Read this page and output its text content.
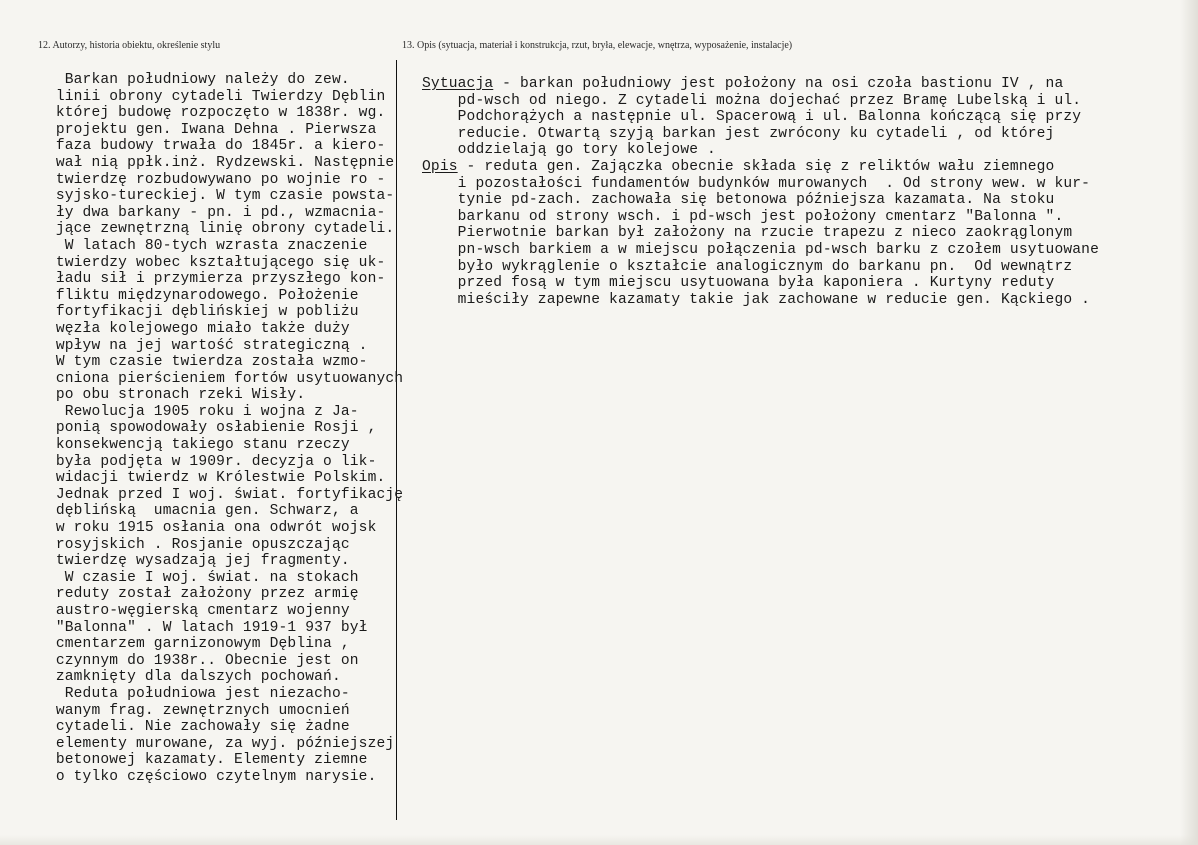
12. Autorzy, historia obiektu, określenie stylu	13. Opis (sytuacja, materiał i konstrukcja, rzut, bryła, elewacje, wnętrza, wyposażenie, instalacje)
Barkan południowy należy do zew.
linii obrony cytadeli Twierdzy Dęblin
której budowę rozpoczęto w 1838r. wg.
projektu gen. Iwana Dehna . Pierwsza
faza budowy trwała do 1845r. a kiero-
wał nią ppłk.inż. Rydzewski. Następnie
twierdzę rozbudowywano po wojnie ro -
syjsko-tureckiej. W tym czasie powsta-
ły dwa barkany - pn. i pd., wzmacnia-
jące zewnętrzną linię obrony cytadeli.
W latach 80-tych wzrasta znaczenie
twierdzy wobec kształtującego się uk-
ładu sił i przymierza przyszłego kon-
fliktu międzynarodowego. Położenie
fortyfikacji dęblińskiej w pobliżu
węzła kolejowego miało także duży
wpływ na jej wartość strategiczną .
W tym czasie twierdza została wzmo-
cniona pierścieniem fortów usytuowanych
po obu stronach rzeki Wisły.
Rewolucja 1905 roku i wojna z Ja-
ponią spowodowały osłabienie Rosji ,
konsekwencją takiego stanu rzeczy
była podjęta w 1909r. decyzja o lik-
widacji twierdz w Królestwie Polskim.
Jednak przed I woj. świat. fortyfikację
dęblińską  umacnia gen. Schwarz, a
w roku 1915 osłania ona odwrót wojsk
rosyjskich . Rosjanie opuszczając
twierdzę wysadzają jej fragmenty.
W czasie I woj. świat. na stokach
reduty został założony przez armię
austro-węgierską cmentarz wojenny
"Balonna" . W latach 1919-1 937 był
cmentarzem garnizonowym Dęblina ,
czynnym do 1938r.. Obecnie jest on
zamknięty dla dalszych pochowań.
Reduta południowa jest niezacho-
wanym frag. zewnętrznych umocnień
cytadeli. Nie zachowały się żadne
elementy murowane, za wyj. późniejszej
betonowej kazamaty. Elementy ziemne
o tylko częściowo czytelnym narysie.
Sytuacja - barkan południowy jest położony na osi czoła bastionu IV , na
pd-wsch od niego. Z cytadeli można dojechać przez Bramę Lubelską i ul.
Podchorążych a następnie ul. Spacerową i ul. Balonna kończącą się przy
reducie. Otwartą szyją barkan jest zwrócony ku cytadeli , od której
oddzielają go tory kolejowe .
Opis - reduta gen. Zajączka obecnie składa się z reliktów wału ziemnego
i pozostałości fundamentów budynków murowanych  . Od strony wew. w kur-
tynie pd-zach. zachowała się betonowa późniejsza kazamata. Na stoku
barkanu od strony wsch. i pd-wsch jest położony cmentarz "Balonna ".
Pierwotnie barkan był założony na rzucie trapezu z nieco zaokrąglonym
pn-wsch barkiem a w miejscu połączenia pd-wsch barku z czołem usytuowane
było wykrąglenie o kształcie analogicznym do barkanu pn.  Od wewnątrz
przed fosą w tym miejscu usytuowana była kaponiera . Kurtyny reduty
mieściły zapewne kazamaty takie jak zachowane w reducie gen. Kąckiego .
